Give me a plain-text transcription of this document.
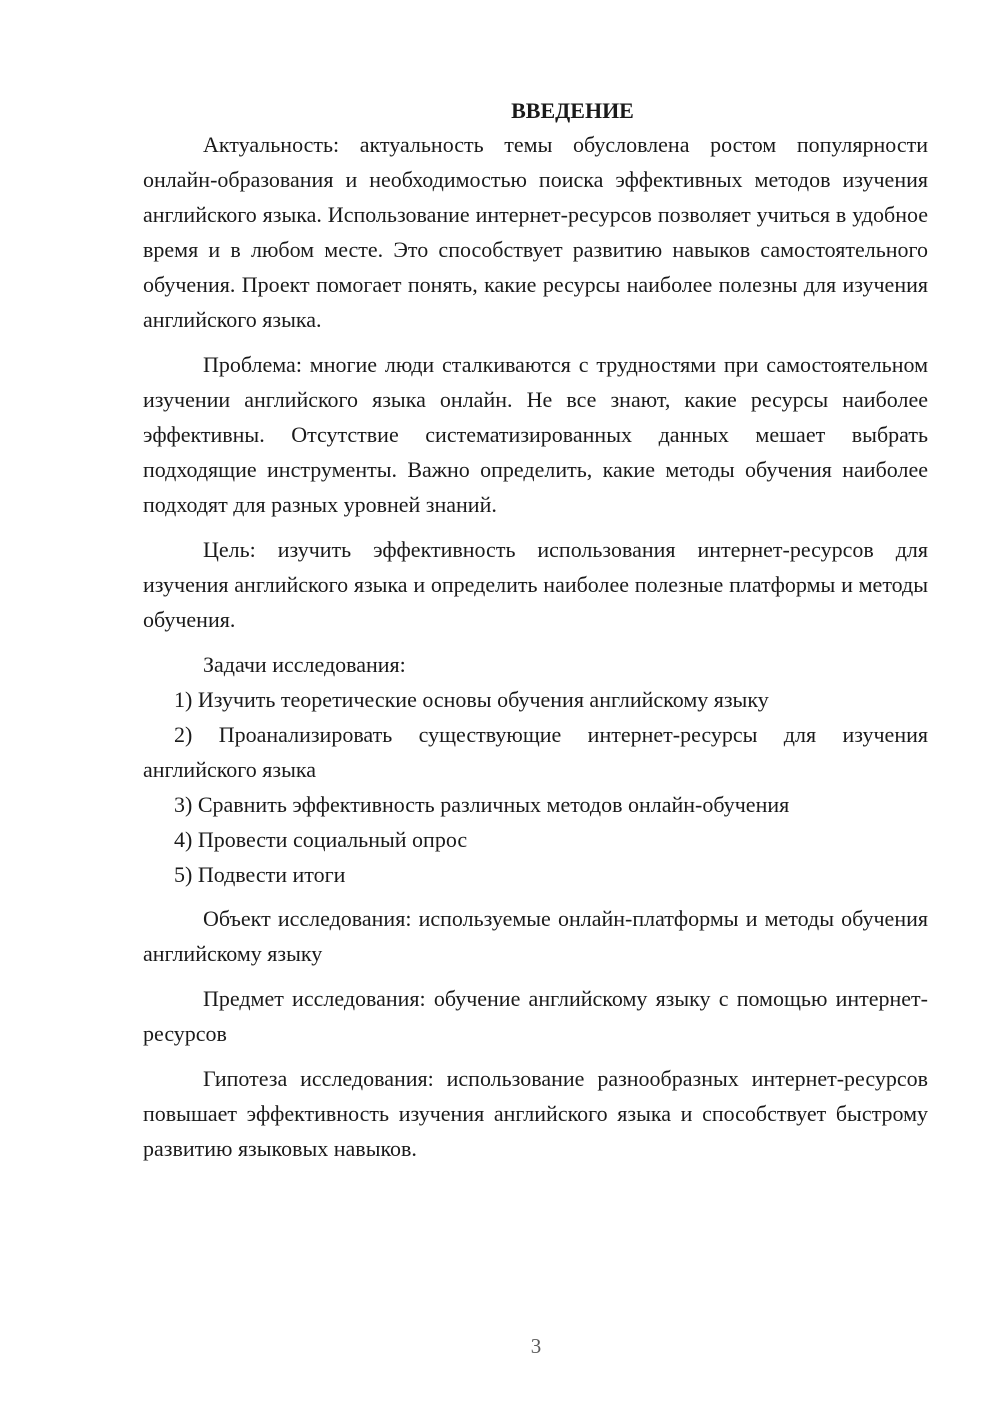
ВВЕДЕНИЕ

Актуальность: актуальность темы обусловлена ростом популярности онлайн-образования и необходимостью поиска эффективных методов изучения английского языка. Использование интернет-ресурсов позволяет учиться в удобное время и в любом месте. Это способствует развитию навыков самостоятельного обучения. Проект помогает понять, какие ресурсы наиболее полезны для изучения английского языка.

Проблема: многие люди сталкиваются с трудностями при самостоятельном изучении английского языка онлайн. Не все знают, какие ресурсы наиболее эффективны. Отсутствие систематизированных данных мешает выбрать подходящие инструменты. Важно определить, какие методы обучения наиболее подходят для разных уровней знаний.

Цель: изучить эффективность использования интернет-ресурсов для изучения английского языка и определить наиболее полезные платформы и методы обучения.

Задачи исследования:

1) Изучить теоретические основы обучения английскому языку

2) Проанализировать существующие интернет-ресурсы для изучения английского языка

3) Сравнить эффективность различных методов онлайн-обучения

4) Провести социальный опрос

5) Подвести итоги

Объект исследования: используемые онлайн-платформы и методы обучения английскому языку

Предмет исследования: обучение английскому языку с помощью интернет-ресурсов

Гипотеза исследования: использование разнообразных интернет-ресурсов повышает эффективность изучения английского языка и способствует быстрому развитию языковых навыков.

3
